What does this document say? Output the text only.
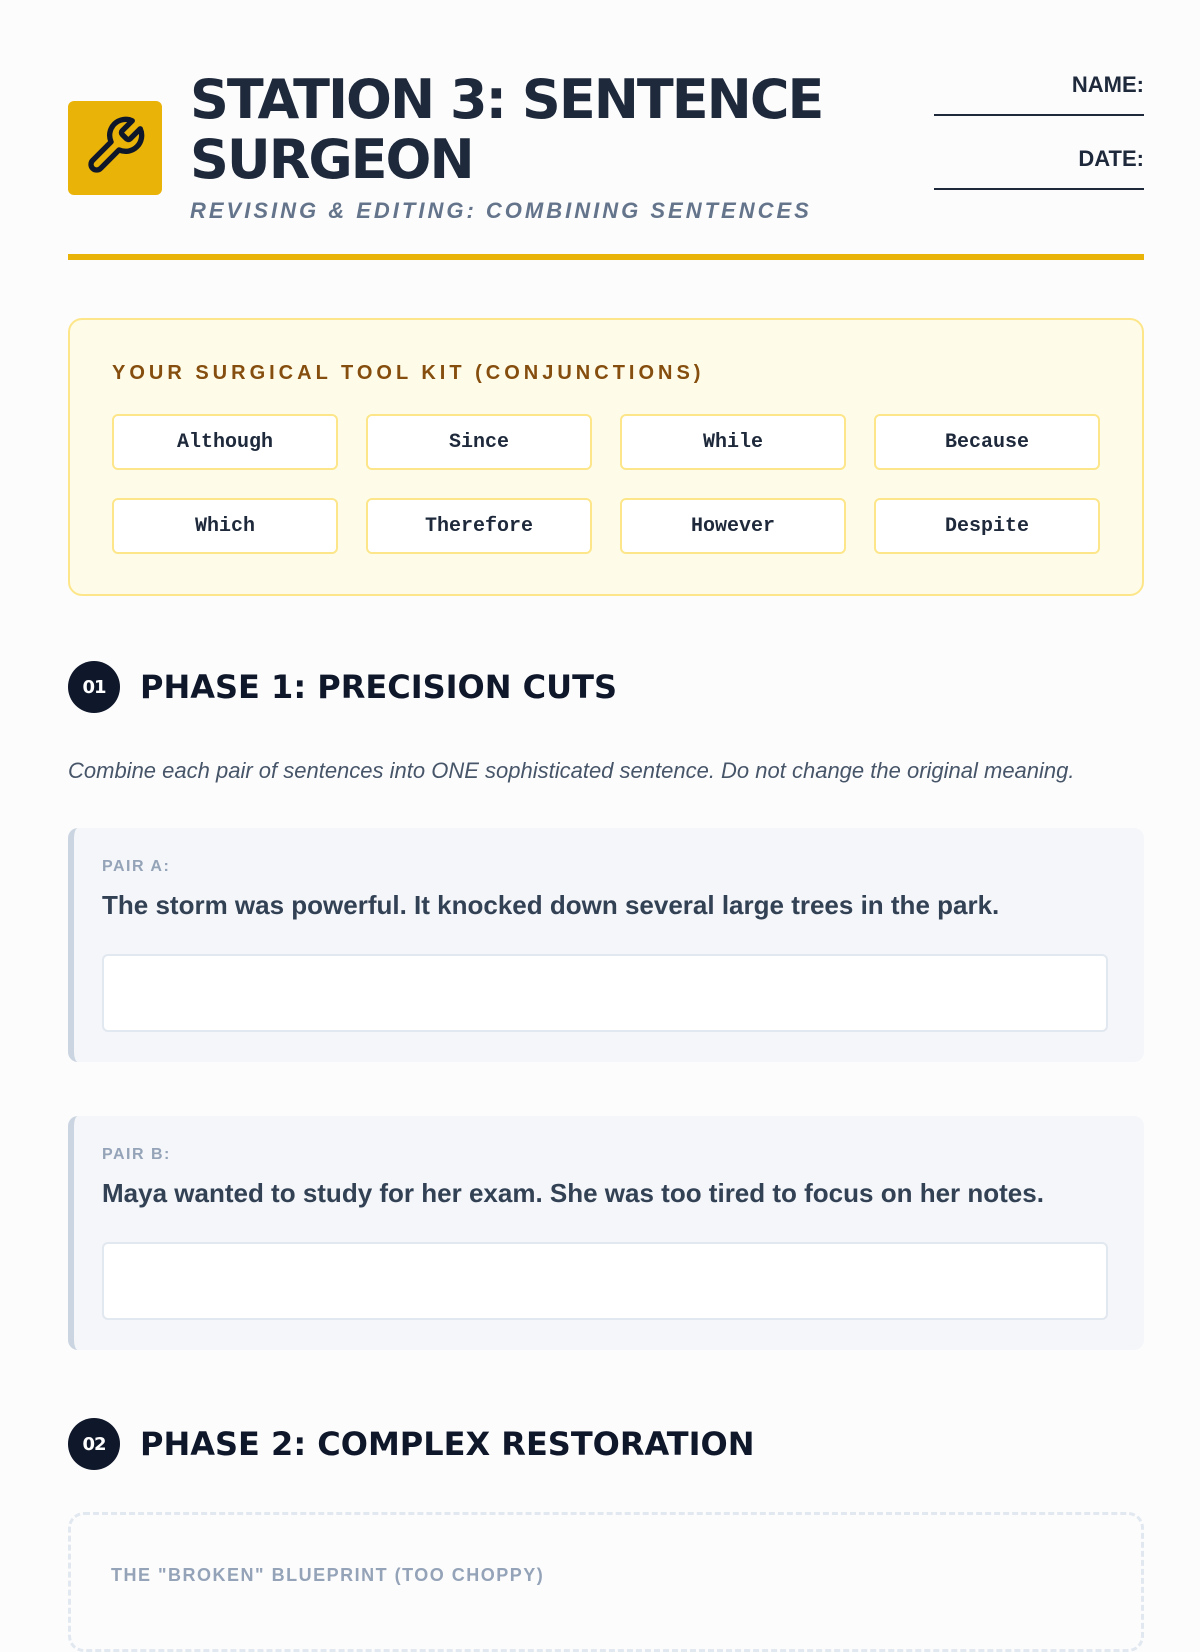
STATION 3: SENTENCE SURGEON
REVISING & EDITING: COMBINING SENTENCES
NAME:
DATE:
YOUR SURGICAL TOOL KIT (CONJUNCTIONS)
Although	Since	While	Because
Which	Therefore	However	Despite
01	PHASE 1: PRECISION CUTS
Combine each pair of sentences into ONE sophisticated sentence. Do not change the original meaning.
PAIR A:
The storm was powerful. It knocked down several large trees in the park.
PAIR B:
Maya wanted to study for her exam. She was too tired to focus on her notes.
02	PHASE 2: COMPLEX RESTORATION
THE "BROKEN" BLUEPRINT (TOO CHOPPY)
